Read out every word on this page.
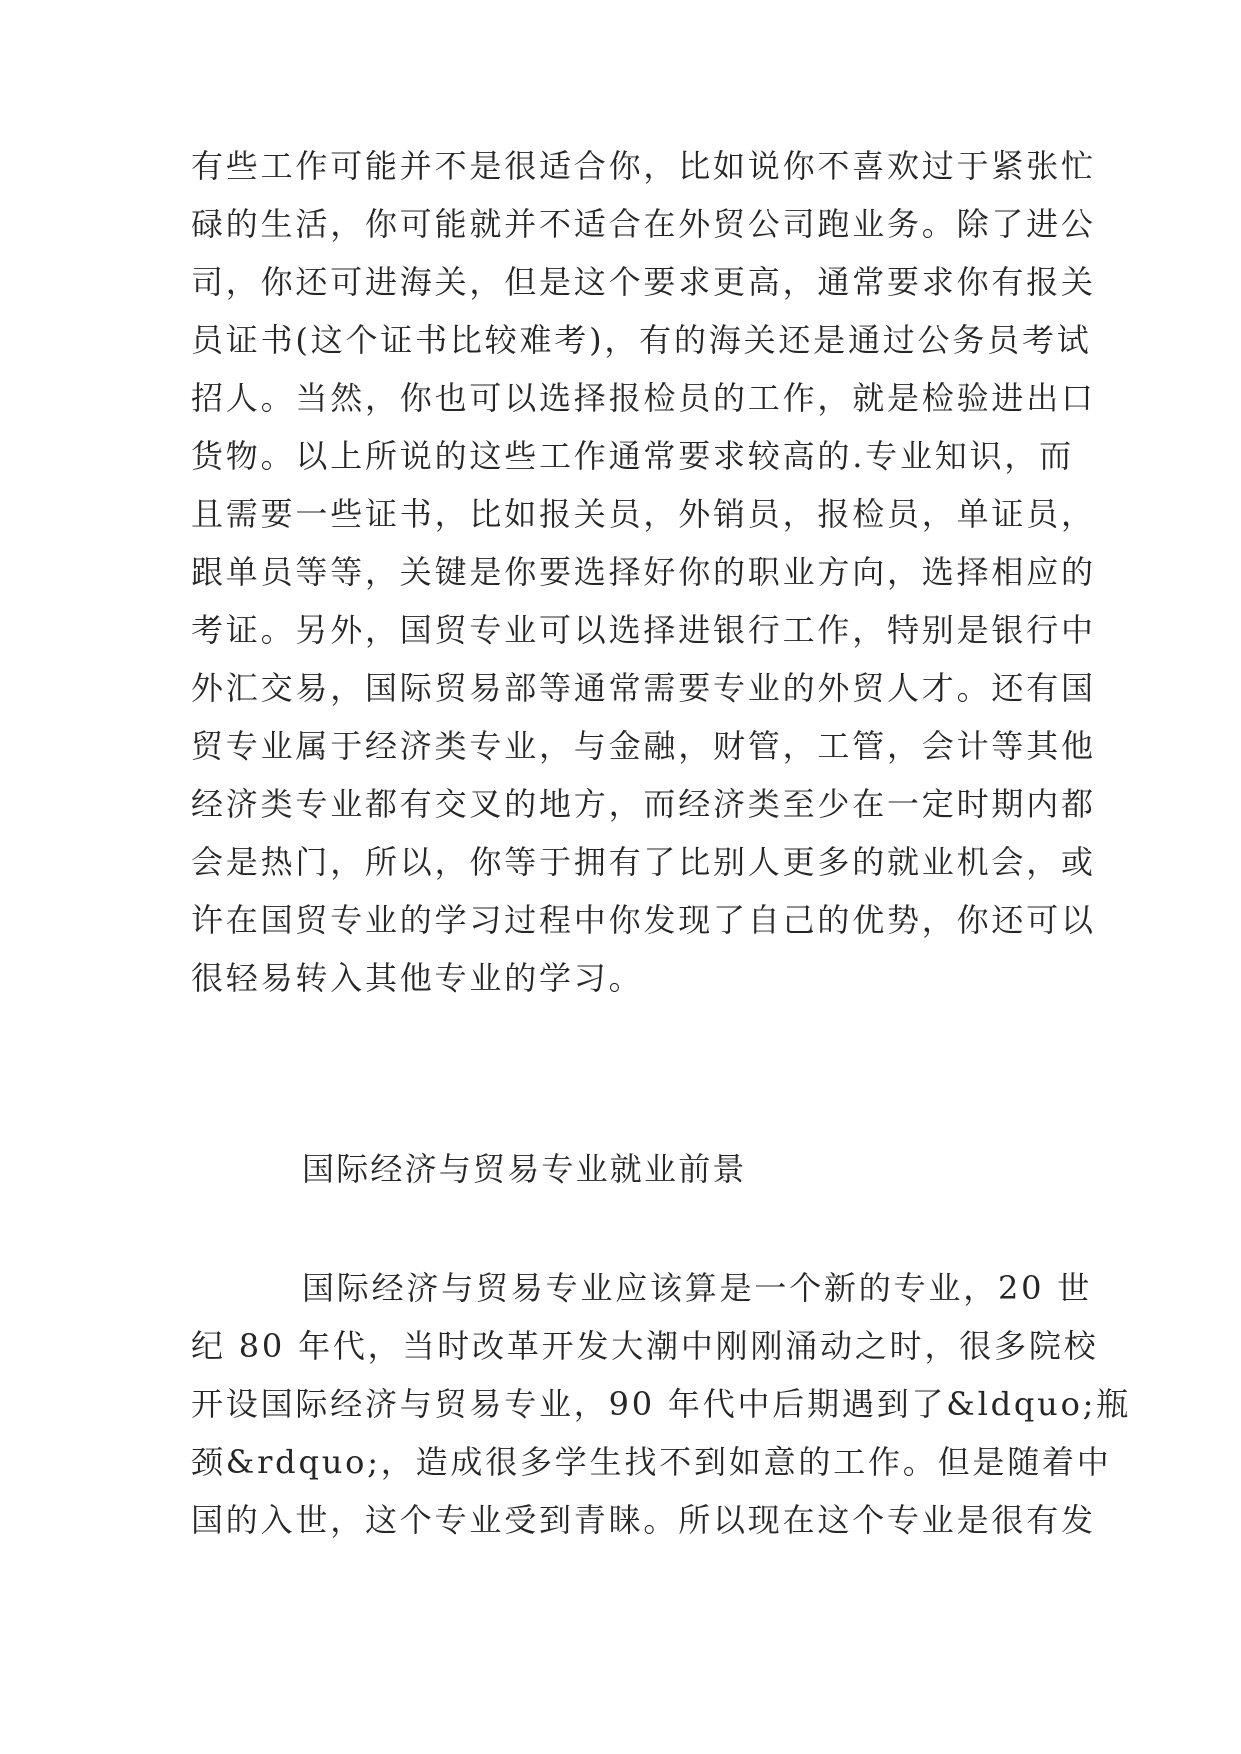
有些工作可能并不是很适合你，比如说你不喜欢过于紧张忙
碌的生活，你可能就并不适合在外贸公司跑业务。除了进公
司，你还可进海关，但是这个要求更高，通常要求你有报关
员证书(这个证书比较难考)，有的海关还是通过公务员考试
招人。当然，你也可以选择报检员的工作，就是检验进出口
货物。以上所说的这些工作通常要求较高的.专业知识，而
且需要一些证书，比如报关员，外销员，报检员，单证员，
跟单员等等，关键是你要选择好你的职业方向，选择相应的
考证。另外，国贸专业可以选择进银行工作，特别是银行中
外汇交易，国际贸易部等通常需要专业的外贸人才。还有国
贸专业属于经济类专业，与金融，财管，工管，会计等其他
经济类专业都有交叉的地方，而经济类至少在一定时期内都
会是热门，所以，你等于拥有了比别人更多的就业机会，或
许在国贸专业的学习过程中你发现了自己的优势，你还可以
很轻易转入其他专业的学习。
国际经济与贸易专业就业前景
国际经济与贸易专业应该算是一个新的专业，20 世
纪 80 年代，当时改革开发大潮中刚刚涌动之时，很多院校
开设国际经济与贸易专业，90 年代中后期遇到了&ldquo;瓶
颈&rdquo;，造成很多学生找不到如意的工作。但是随着中
国的入世，这个专业受到青睐。所以现在这个专业是很有发
